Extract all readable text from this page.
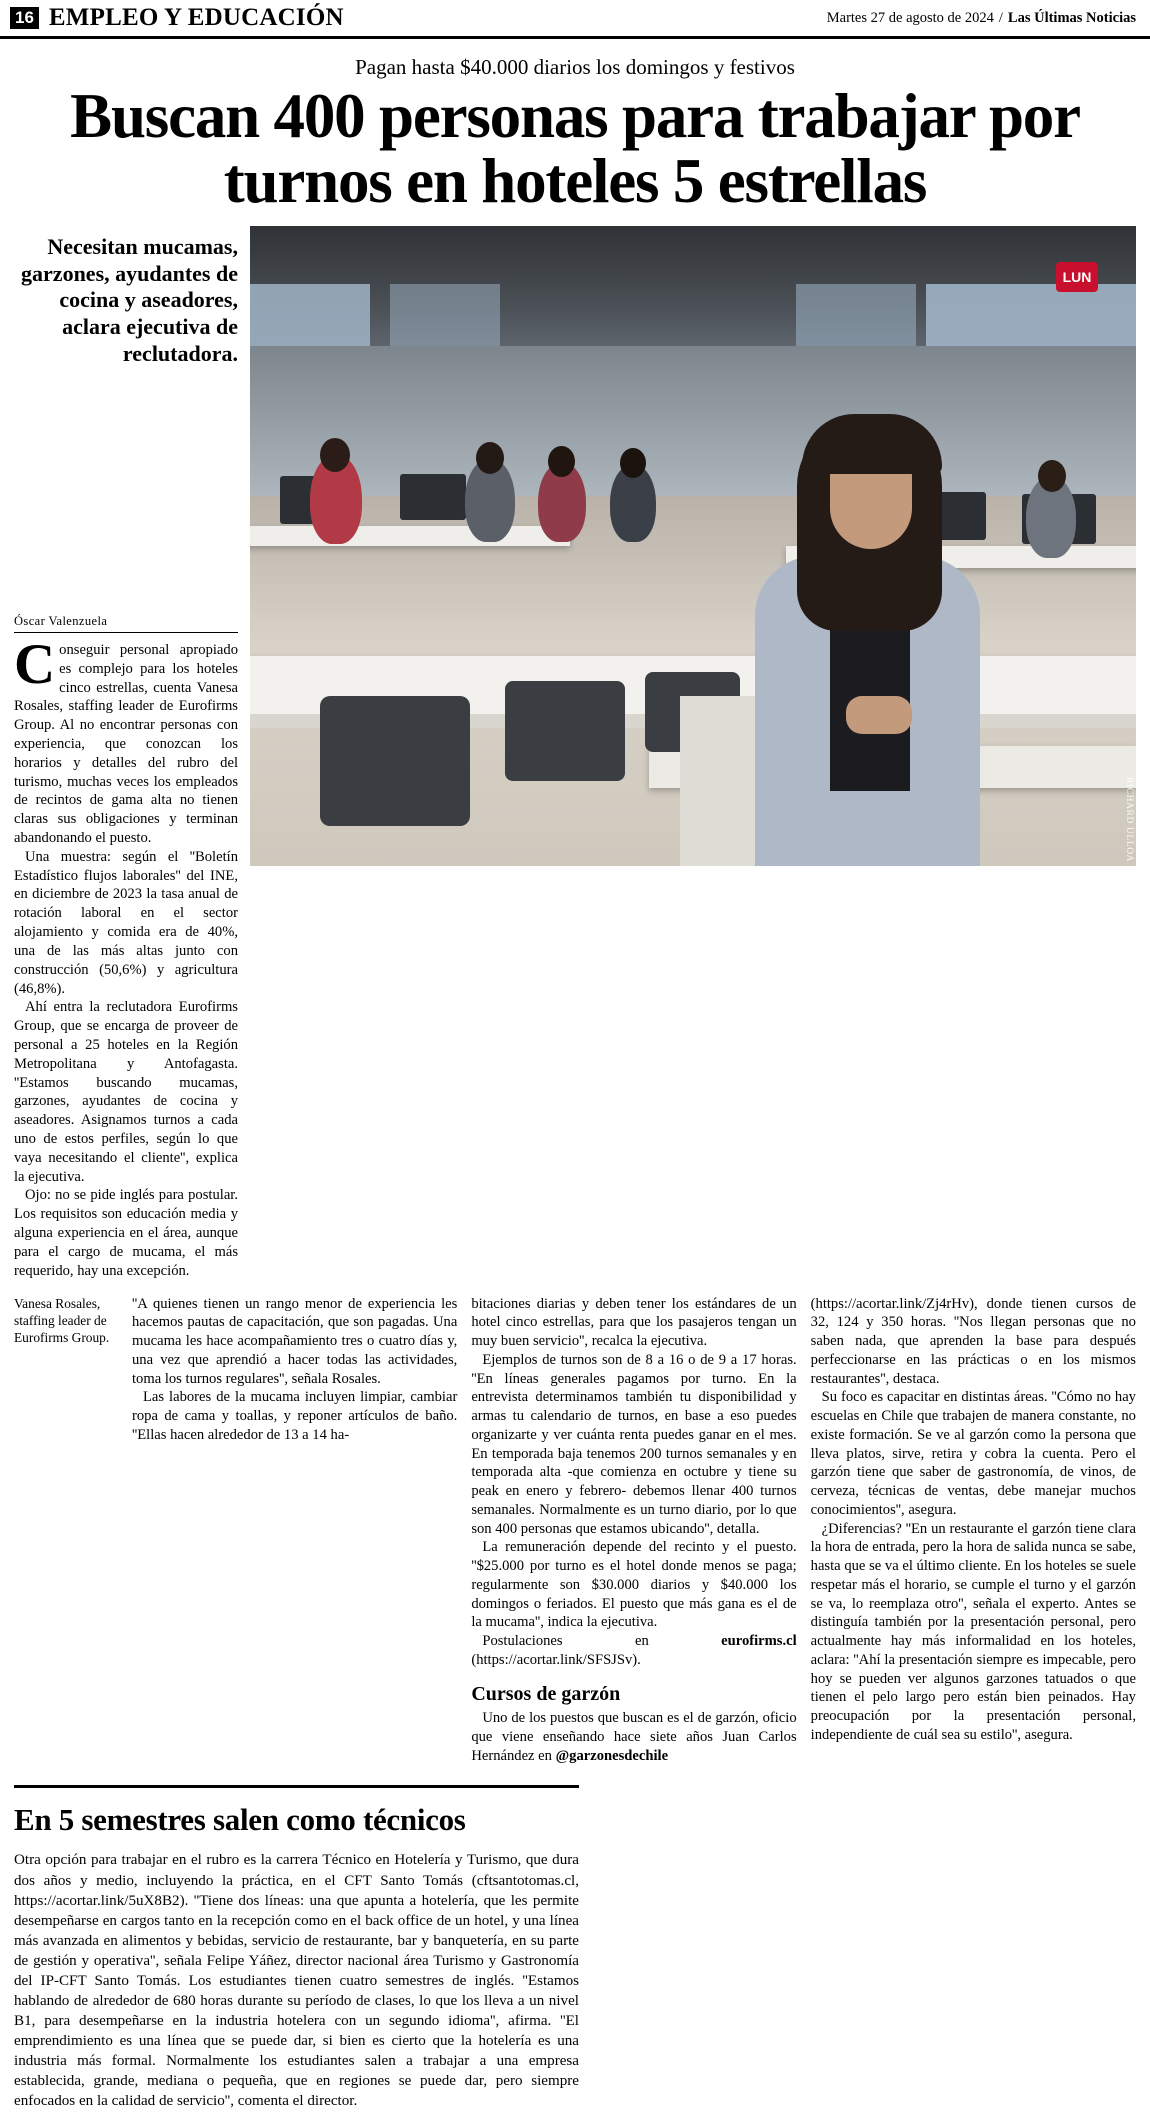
16 EMPLEO Y EDUCACIÓN	Martes 27 de agosto de 2024 / Las Últimas Noticias
Pagan hasta $40.000 diarios los domingos y festivos
Buscan 400 personas para trabajar por turnos en hoteles 5 estrellas
Necesitan mucamas, garzones, ayudantes de cocina y aseadores, aclara ejecutiva de reclutadora.
Óscar Valenzuela

Conseguir personal apropiado es complejo para los hoteles cinco estrellas, cuenta Vanesa Rosales, staffing leader de Eurofirms Group. Al no encontrar personas con experiencia, que conozcan los horarios y detalles del rubro del turismo, muchas veces los empleados de recintos de gama alta no tienen claras sus obligaciones y terminan abandonando el puesto.

Una muestra: según el ''Boletín Estadístico flujos laborales'' del INE, en diciembre de 2023 la tasa anual de rotación laboral en el sector alojamiento y comida era de 40%, una de las más altas junto con construcción (50,6%) y agricultura (46,8%).

Ahí entra la reclutadora Eurofirms Group, que se encarga de proveer de personal a 25 hoteles en la Región Metropolitana y Antofagasta. ''Estamos buscando mucamas, garzones, ayudantes de cocina y aseadores. Asignamos turnos a cada uno de estos perfiles, según lo que vaya necesitando el cliente'', explica la ejecutiva.

Ojo: no se pide inglés para postular. Los requisitos son educación media y alguna experiencia en el área, aunque para el cargo de mucama, el más requerido, hay una excepción.

LUN
RICHARD ULLOA
Vanesa Rosales, staffing leader de Eurofirms Group.

''A quienes tienen un rango menor de experiencia les hacemos pautas de capacitación, que son pagadas. Una mucama les hace acompañamiento tres o cuatro días y, una vez que aprendió a hacer todas las actividades, toma los turnos regulares'', señala Rosales.

Las labores de la mucama incluyen limpiar, cambiar ropa de cama y toallas, y reponer artículos de baño. ''Ellas hacen alrededor de 13 a 14 ha-

bitaciones diarias y deben tener los estándares de un hotel cinco estrellas, para que los pasajeros tengan un muy buen servicio'', recalca la ejecutiva.

Ejemplos de turnos son de 8 a 16 o de 9 a 17 horas. ''En líneas generales pagamos por turno. En la entrevista determinamos también tu disponibilidad y armas tu calendario de turnos, en base a eso puedes organizarte y ver cuánta renta puedes ganar en el mes. En temporada baja tenemos 200 turnos semanales y en temporada alta -que comienza en octubre y tiene su peak en enero y febrero- debemos llenar 400 turnos semanales. Normalmente es un turno diario, por lo que son 400 personas que estamos ubicando'', detalla.

La remuneración depende del recinto y el puesto. ''$25.000 por turno es el hotel donde menos se paga; regularmente son $30.000 diarios y $40.000 los domingos o feriados. El puesto que más gana es el de la mucama'', indica la ejecutiva.

Postulaciones en eurofirms.cl (https://acortar.link/SFSJSv).

Cursos de garzón

Uno de los puestos que buscan es el de garzón, oficio que viene enseñando hace siete años Juan Carlos Hernández en @garzonesdechile

(https://acortar.link/Zj4rHv), donde tienen cursos de 32, 124 y 350 horas. ''Nos llegan personas que no saben nada, que aprenden la base para después perfeccionarse en las prácticas o en los mismos restaurantes'', destaca.

Su foco es capacitar en distintas áreas. ''Cómo no hay escuelas en Chile que trabajen de manera constante, no existe formación. Se ve al garzón como la persona que lleva platos, sirve, retira y cobra la cuenta. Pero el garzón tiene que saber de gastronomía, de vinos, de cerveza, técnicas de ventas, debe manejar muchos conocimientos'', asegura.

¿Diferencias? ''En un restaurante el garzón tiene clara la hora de entrada, pero la hora de salida nunca se sabe, hasta que se va el último cliente. En los hoteles se suele respetar más el horario, se cumple el turno y el garzón se va, lo reemplaza otro'', señala el experto. Antes se distinguía también por la presentación personal, pero actualmente hay más informalidad en los hoteles, aclara: ''Ahí la presentación siempre es impecable, pero hoy se pueden ver algunos garzones tatuados o que tienen el pelo largo pero están bien peinados. Hay preocupación por la presentación personal, independiente de cuál sea su estilo'', asegura.

En 5 semestres salen como técnicos

Otra opción para trabajar en el rubro es la carrera Técnico en Hotelería y Turismo, que dura dos años y medio, incluyendo la práctica, en el CFT Santo Tomás (cftsantotomas.cl, https://acortar.link/5uX8B2). ''Tiene dos líneas: una que apunta a hotelería, que les permite desempeñarse en cargos tanto en la recepción como en el back office de un hotel, y una línea más avanzada en alimentos y bebidas, servicio de restaurante, bar y banquetería, en su parte de gestión y operativa'', señala Felipe Yáñez, director nacional área Turismo y Gastronomía del IP-CFT Santo Tomás. Los estudiantes tienen cuatro semestres de inglés. ''Estamos hablando de alrededor de 680 horas durante su período de clases, lo que los lleva a un nivel B1, para desempeñarse en la industria hotelera con un segundo idioma'', afirma. ''El emprendimiento es una línea que se puede dar, si bien es cierto que la hotelería es una industria más formal. Normalmente los estudiantes salen a trabajar a una empresa establecida, grande, mediana o pequeña, que en regiones se puede dar, pero siempre enfocados en la calidad de servicio'', comenta el director.
